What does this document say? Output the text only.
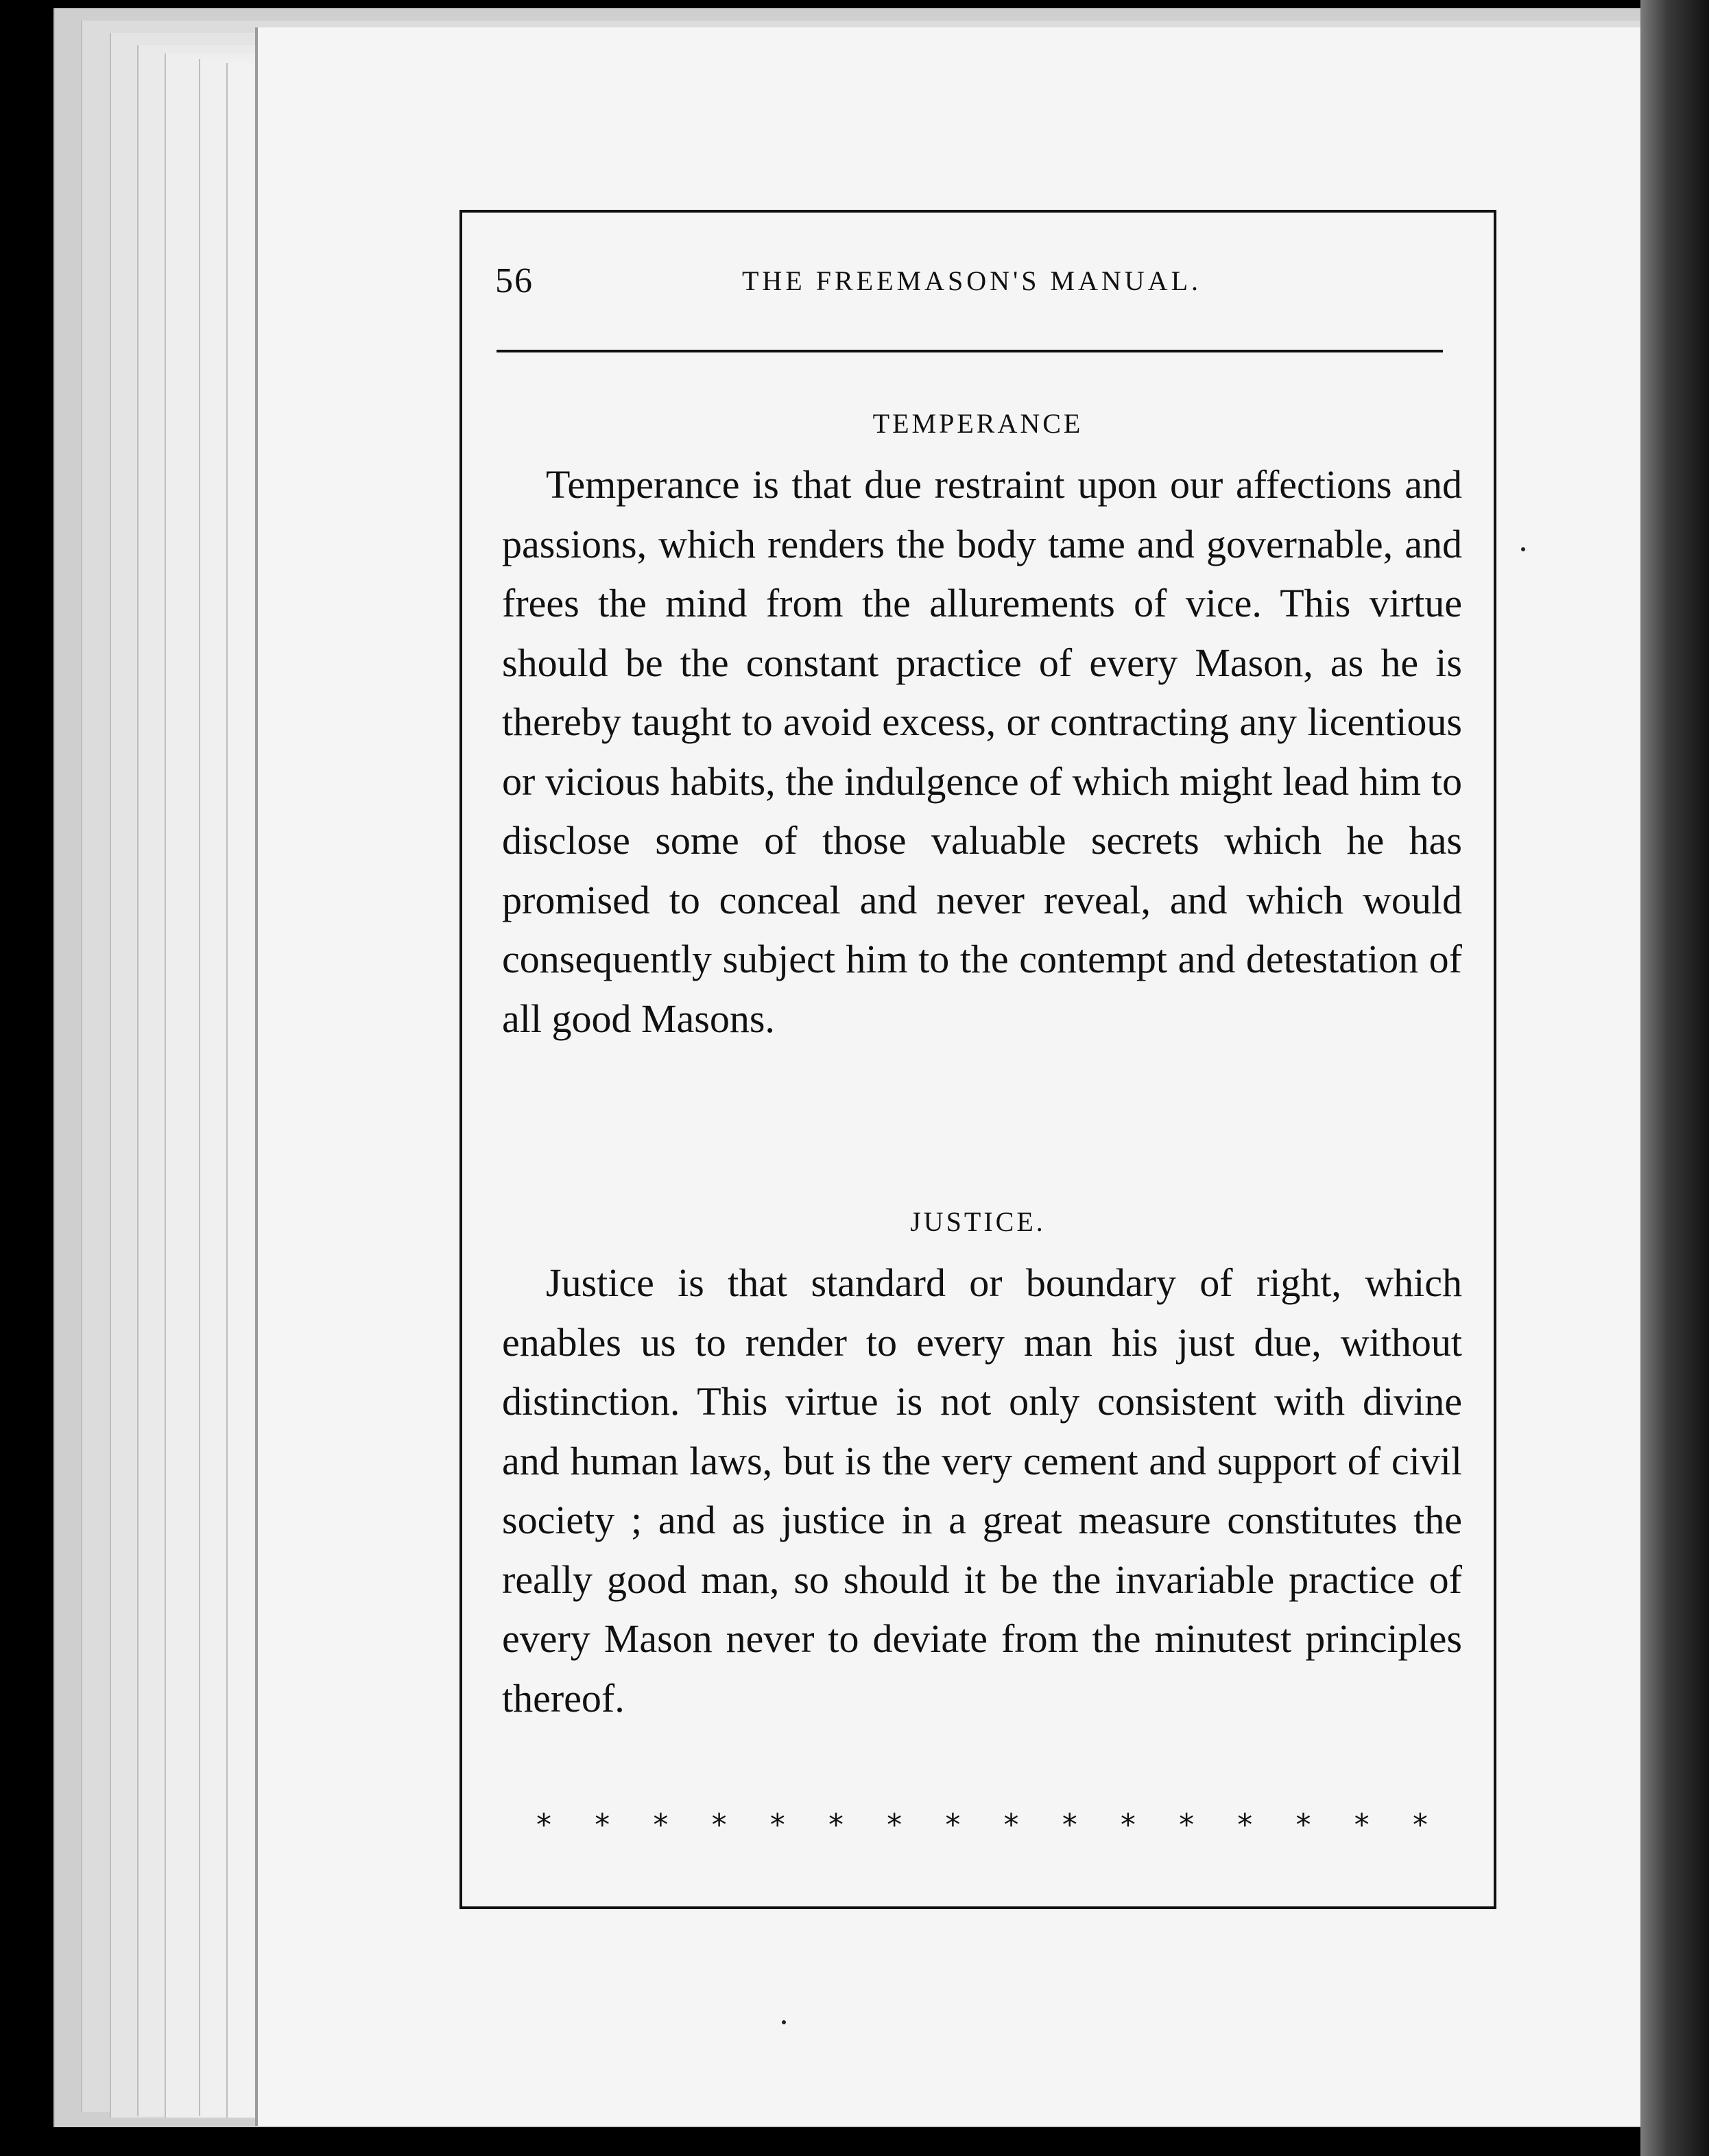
56	THE FREEMASON'S MANUAL.
TEMPERANCE

Temperance is that due restraint upon our affections and passions, which renders the body tame and governable, and frees the mind from the allurements of vice. This virtue should be the constant practice of every Mason, as he is thereby taught to avoid excess, or contracting any licentious or vicious habits, the indulgence of which might lead him to disclose some of those valuable secrets which he has promised to conceal and never reveal, and which would consequently subject him to the contempt and detestation of all good Masons.

JUSTICE.

Justice is that standard or boundary of right, which enables us to render to every man his just due, without distinction. This virtue is not only consistent with divine and human laws, but is the very cement and support of civil society ; and as justice in a great measure constitutes the really good man, so should it be the invariable practice of every Mason never to deviate from the minutest principles thereof.

* * * * * * * * * * * * * * * *
